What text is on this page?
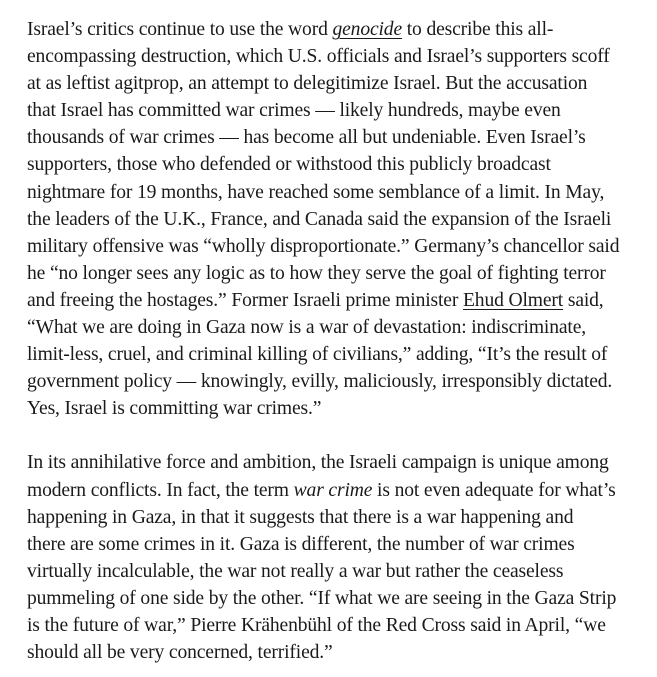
Israel’s critics continue to use the word genocide to describe this all-
encompassing destruction, which U.S. officials and Israel’s supporters scoff
at as leftist agitprop, an attempt to delegitimize Israel. But the accusation
that Israel has committed war crimes — likely hundreds, maybe even
thousands of war crimes — has become all but undeniable. Even Israel’s
supporters, those who defended or withstood this publicly broadcast
nightmare for 19 months, have reached some semblance of a limit. In May,
the leaders of the U.K., France, and Canada said the expansion of the Israeli
military offensive was “wholly disproportionate.” Germany’s chancellor said
he “no longer sees any logic as to how they serve the goal of fighting terror
and freeing the hostages.” Former Israeli prime minister Ehud Olmert said,
“What we are doing in Gaza now is a war of devastation: indiscriminate,
limit-less, cruel, and criminal killing of civilians,” adding, “It’s the result of
government policy — knowingly, evilly, maliciously, irresponsibly dictated.
Yes, Israel is committing war crimes.”

In its annihilative force and ambition, the Israeli campaign is unique among
modern conflicts. In fact, the term war crime is not even adequate for what’s
happening in Gaza, in that it suggests that there is a war happening and
there are some crimes in it. Gaza is different, the number of war crimes
virtually incalculable, the war not really a war but rather the ceaseless
pummeling of one side by the other. “If what we are seeing in the Gaza Strip
is the future of war,” Pierre Krähenbühl of the Red Cross said in April, “we
should all be very concerned, terrified.”
